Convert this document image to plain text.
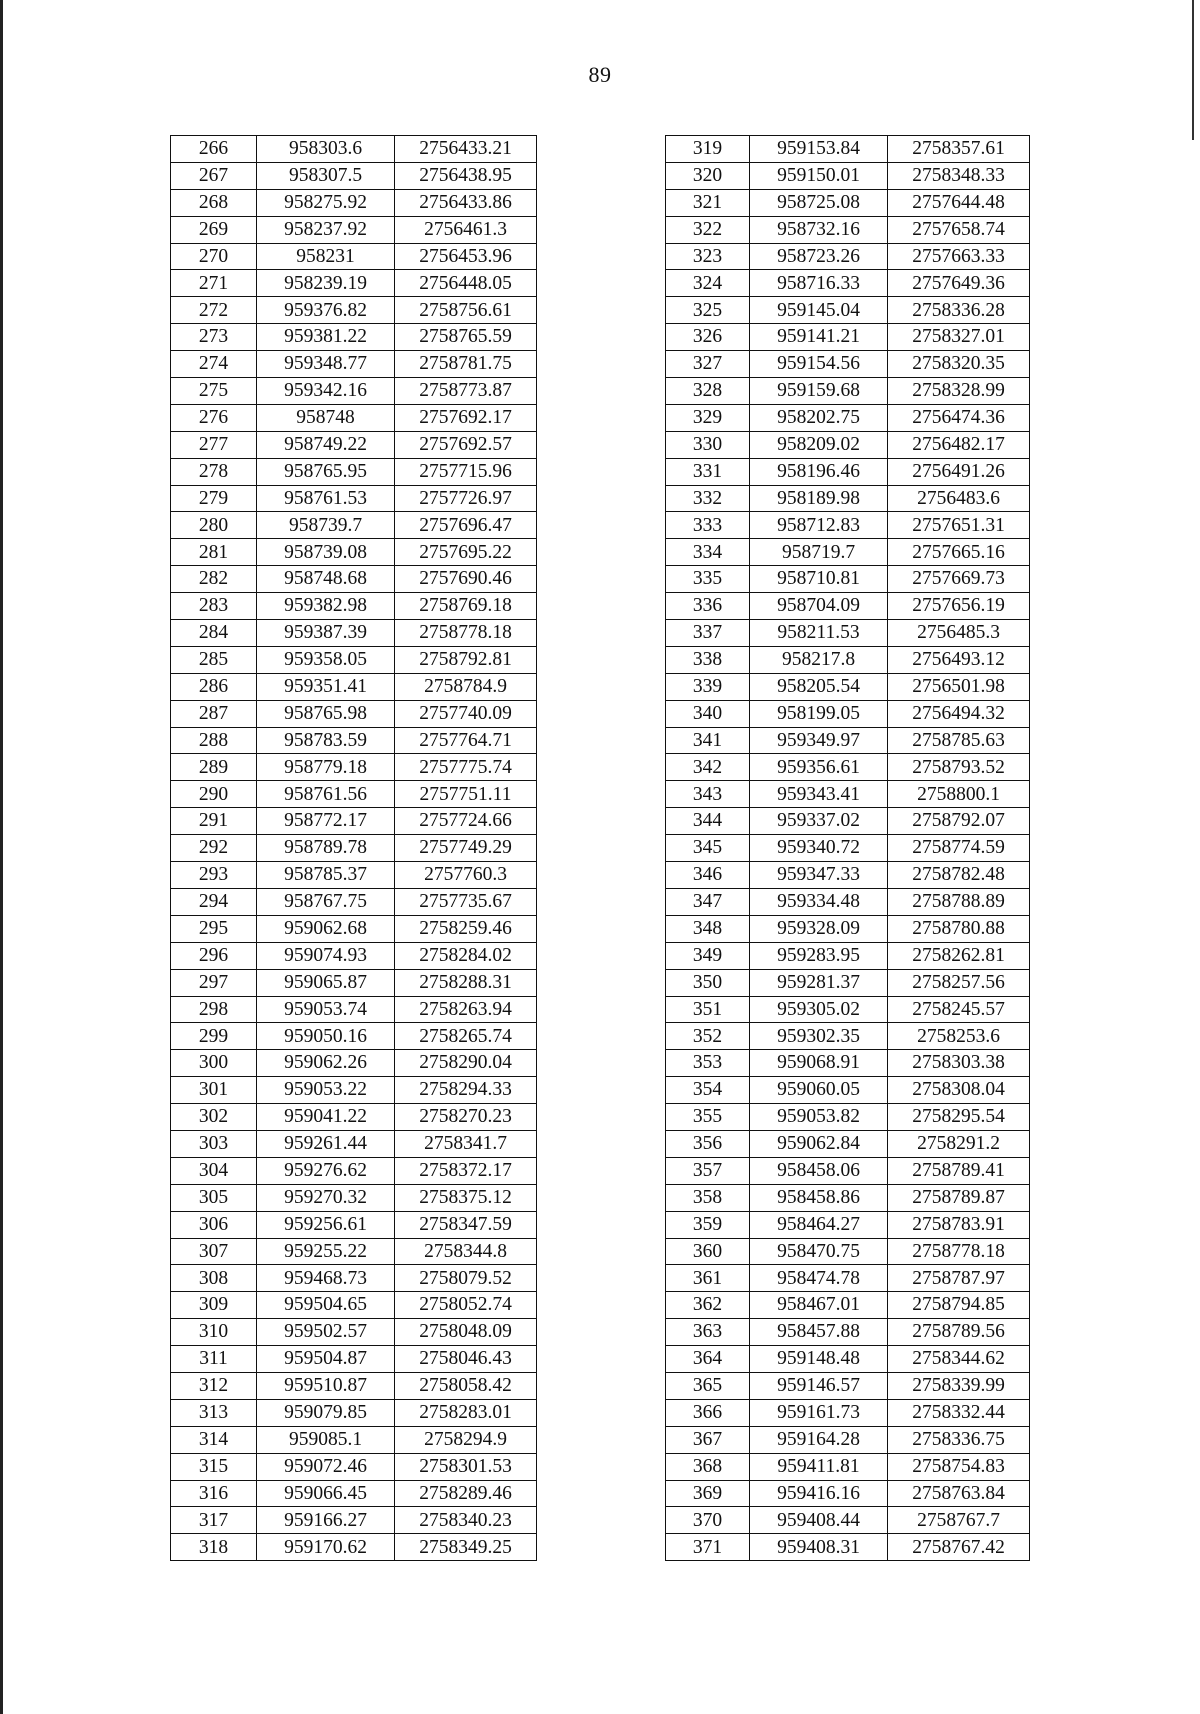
89
266	958303.6	2756433.21
267	958307.5	2756438.95
268	958275.92	2756433.86
269	958237.92	2756461.3
270	958231	2756453.96
271	958239.19	2756448.05
272	959376.82	2758756.61
273	959381.22	2758765.59
274	959348.77	2758781.75
275	959342.16	2758773.87
276	958748	2757692.17
277	958749.22	2757692.57
278	958765.95	2757715.96
279	958761.53	2757726.97
280	958739.7	2757696.47
281	958739.08	2757695.22
282	958748.68	2757690.46
283	959382.98	2758769.18
284	959387.39	2758778.18
285	959358.05	2758792.81
286	959351.41	2758784.9
287	958765.98	2757740.09
288	958783.59	2757764.71
289	958779.18	2757775.74
290	958761.56	2757751.11
291	958772.17	2757724.66
292	958789.78	2757749.29
293	958785.37	2757760.3
294	958767.75	2757735.67
295	959062.68	2758259.46
296	959074.93	2758284.02
297	959065.87	2758288.31
298	959053.74	2758263.94
299	959050.16	2758265.74
300	959062.26	2758290.04
301	959053.22	2758294.33
302	959041.22	2758270.23
303	959261.44	2758341.7
304	959276.62	2758372.17
305	959270.32	2758375.12
306	959256.61	2758347.59
307	959255.22	2758344.8
308	959468.73	2758079.52
309	959504.65	2758052.74
310	959502.57	2758048.09
311	959504.87	2758046.43
312	959510.87	2758058.42
313	959079.85	2758283.01
314	959085.1	2758294.9
315	959072.46	2758301.53
316	959066.45	2758289.46
317	959166.27	2758340.23
318	959170.62	2758349.25
319	959153.84	2758357.61
320	959150.01	2758348.33
321	958725.08	2757644.48
322	958732.16	2757658.74
323	958723.26	2757663.33
324	958716.33	2757649.36
325	959145.04	2758336.28
326	959141.21	2758327.01
327	959154.56	2758320.35
328	959159.68	2758328.99
329	958202.75	2756474.36
330	958209.02	2756482.17
331	958196.46	2756491.26
332	958189.98	2756483.6
333	958712.83	2757651.31
334	958719.7	2757665.16
335	958710.81	2757669.73
336	958704.09	2757656.19
337	958211.53	2756485.3
338	958217.8	2756493.12
339	958205.54	2756501.98
340	958199.05	2756494.32
341	959349.97	2758785.63
342	959356.61	2758793.52
343	959343.41	2758800.1
344	959337.02	2758792.07
345	959340.72	2758774.59
346	959347.33	2758782.48
347	959334.48	2758788.89
348	959328.09	2758780.88
349	959283.95	2758262.81
350	959281.37	2758257.56
351	959305.02	2758245.57
352	959302.35	2758253.6
353	959068.91	2758303.38
354	959060.05	2758308.04
355	959053.82	2758295.54
356	959062.84	2758291.2
357	958458.06	2758789.41
358	958458.86	2758789.87
359	958464.27	2758783.91
360	958470.75	2758778.18
361	958474.78	2758787.97
362	958467.01	2758794.85
363	958457.88	2758789.56
364	959148.48	2758344.62
365	959146.57	2758339.99
366	959161.73	2758332.44
367	959164.28	2758336.75
368	959411.81	2758754.83
369	959416.16	2758763.84
370	959408.44	2758767.7
371	959408.31	2758767.42
